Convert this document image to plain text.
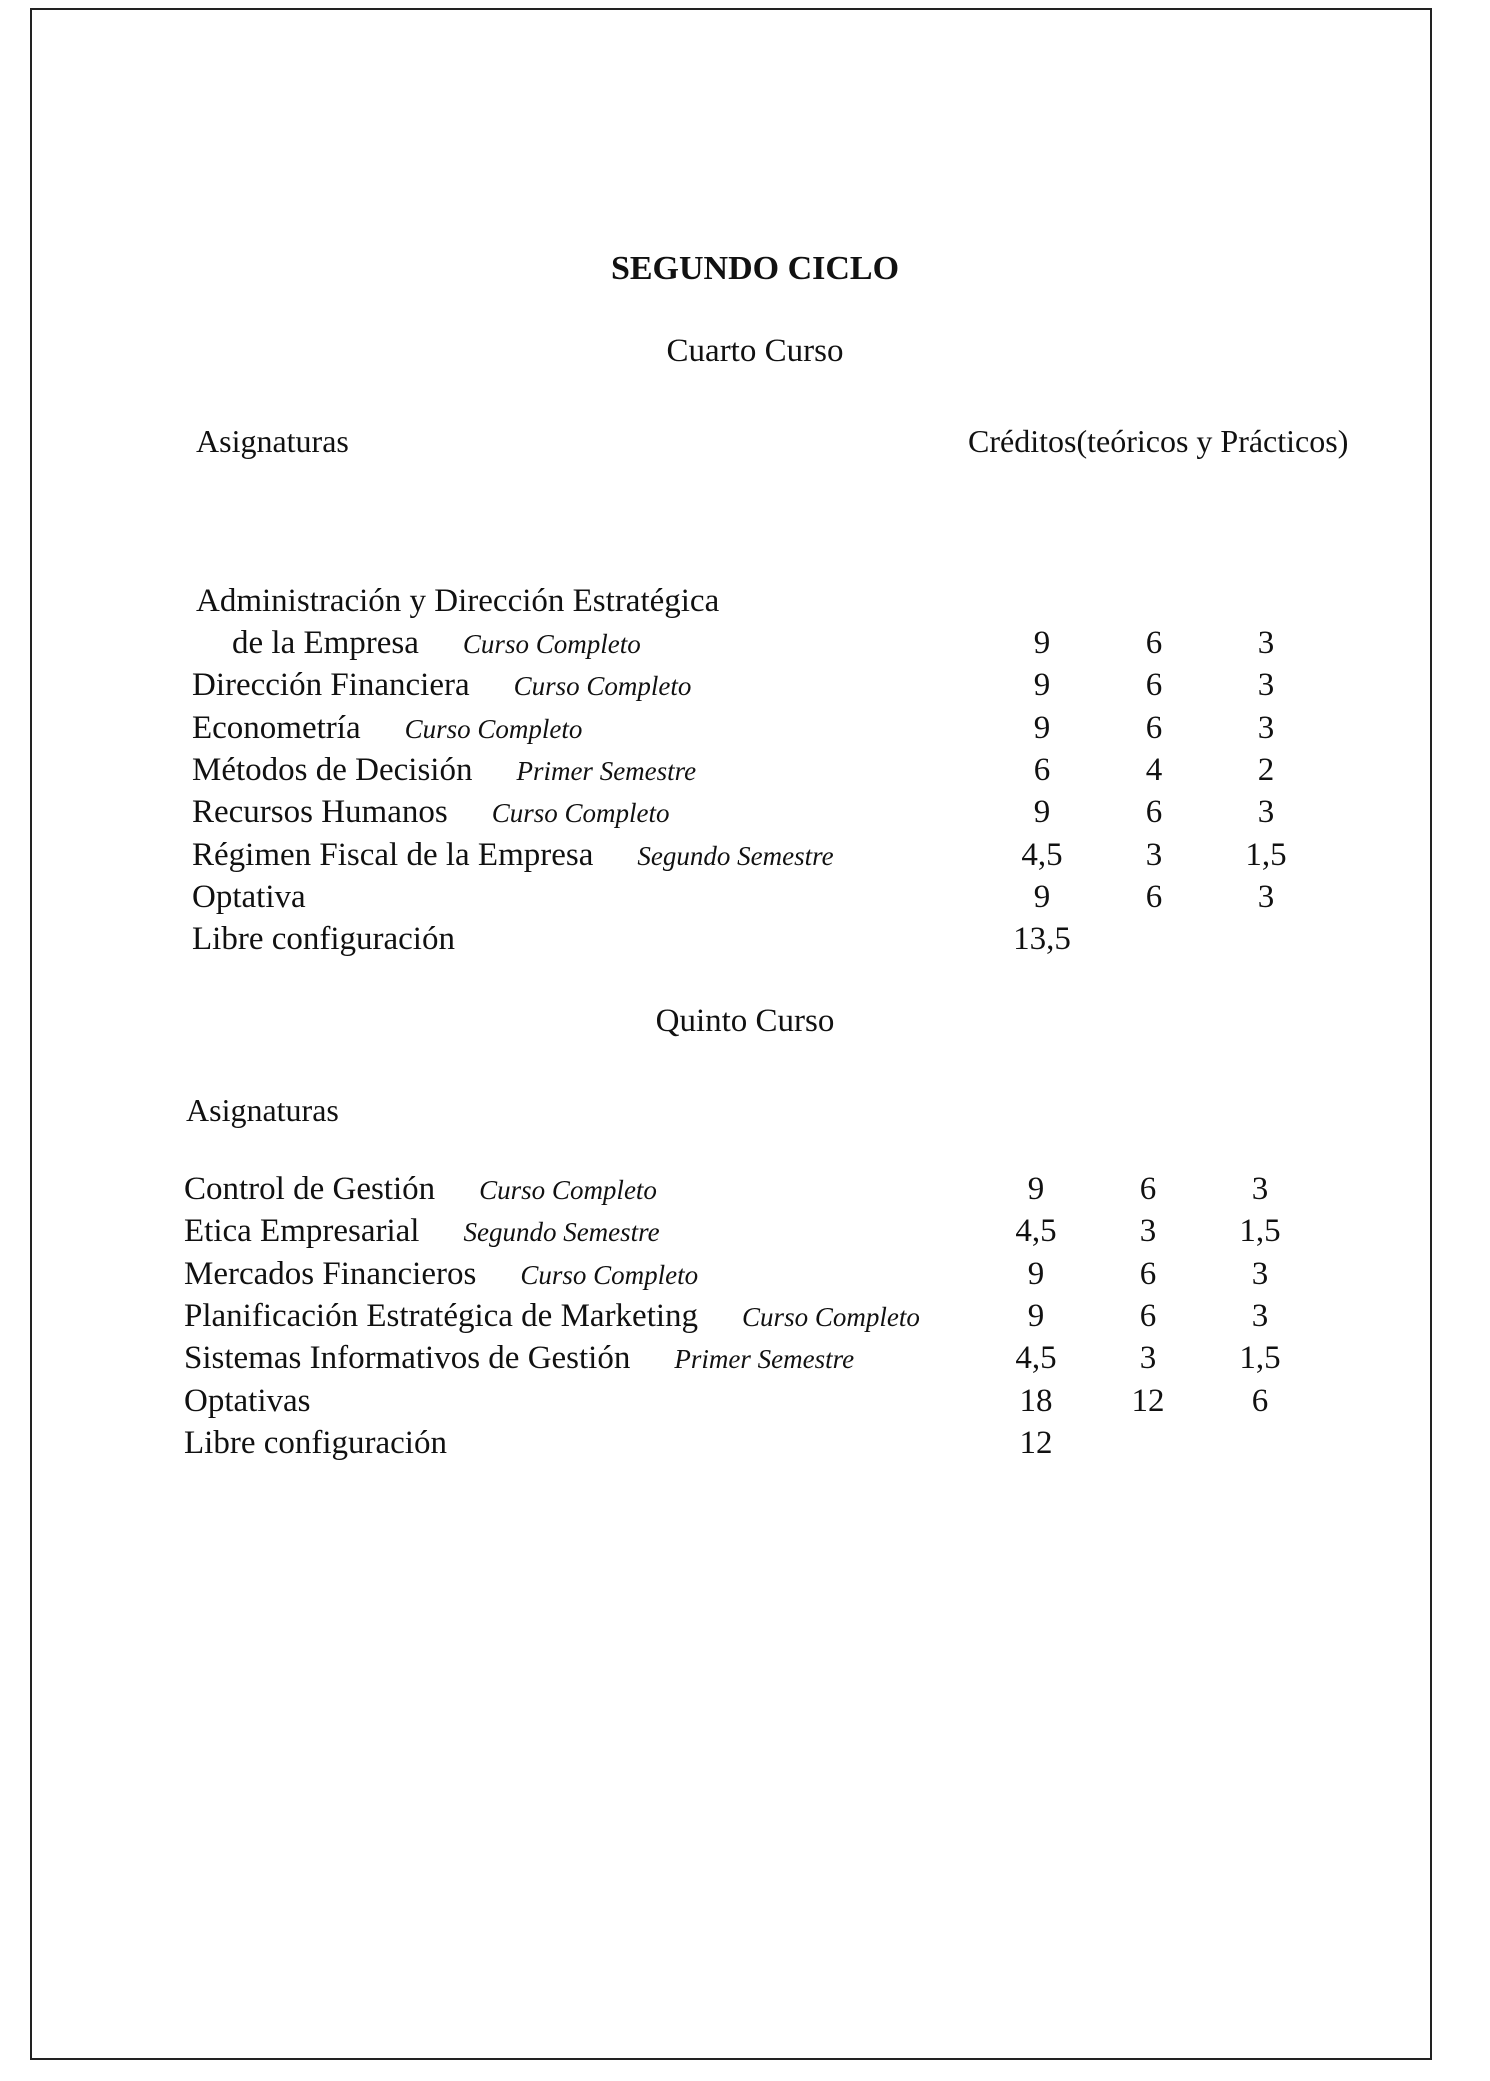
SEGUNDO CICLO
Cuarto Curso
Asignaturas	Créditos(teóricos y Prácticos)
Administración y Dirección Estratégica
de la Empresa Curso Completo	9	6	3
Dirección Financiera Curso Completo	9	6	3
Econometría Curso Completo	9	6	3
Métodos de Decisión Primer Semestre	6	4	2
Recursos Humanos Curso Completo	9	6	3
Régimen Fiscal de la Empresa Segundo Semestre	4,5	3	1,5
Optativa	9	6	3
Libre configuración	13,5
Quinto Curso
Asignaturas
Control de Gestión Curso Completo	9	6	3
Etica Empresarial Segundo Semestre	4,5	3	1,5
Mercados Financieros Curso Completo	9	6	3
Planificación Estratégica de Marketing Curso Completo	9	6	3
Sistemas Informativos de Gestión Primer Semestre	4,5	3	1,5
Optativas	18	12	6
Libre configuración	12
